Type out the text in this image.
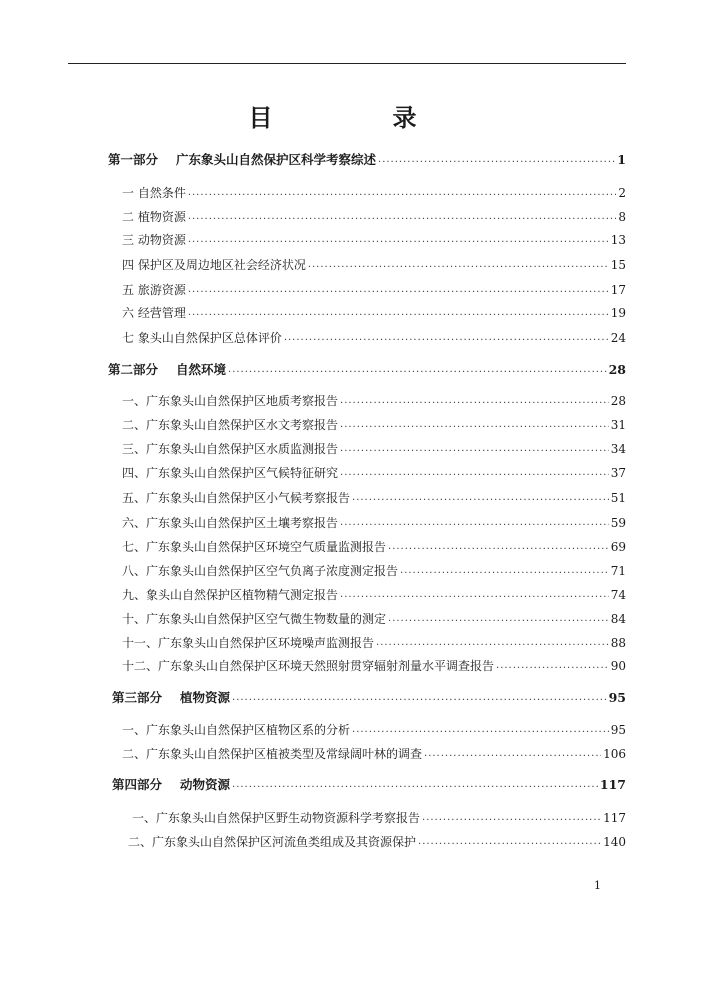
目　录
第一部分	广东象头山自然保护区科学考察综述 .....	1
一 自然条件 .....	2
二 植物资源 .....	8
三 动物资源 .....	13
四 保护区及周边地区社会经济状况 .....	15
五 旅游资源 .....	17
六 经营管理 .....	19
七 象头山自然保护区总体评价 .....	24
第二部分	自然环境 .....	28
一、广东象头山自然保护区地质考察报告 .....	28
二、广东象头山自然保护区水文考察报告 .....	31
三、广东象头山自然保护区水质监测报告 .....	34
四、广东象头山自然保护区气候特征研究 .....	37
五、广东象头山自然保护区小气候考察报告 .....	51
六、广东象头山自然保护区土壤考察报告 .....	59
七、广东象头山自然保护区环境空气质量监测报告 .....	69
八、广东象头山自然保护区空气负离子浓度测定报告 .....	71
九、象头山自然保护区植物精气测定报告 .....	74
十、广东象头山自然保护区空气微生物数量的测定 .....	84
十一、广东象头山自然保护区环境噪声监测报告 .....	88
十二、广东象头山自然保护区环境天然照射贯穿辐射剂量水平调查报告 .....	90
第三部分	植物资源 .....	95
一、广东象头山自然保护区植物区系的分析 .....	95
二、广东象头山自然保护区植被类型及常绿阔叶林的调查 .....	106
第四部分	动物资源 .....	117
一、广东象头山自然保护区野生动物资源科学考察报告 .....	117
二、广东象头山自然保护区河流鱼类组成及其资源保护 .....	140
1
